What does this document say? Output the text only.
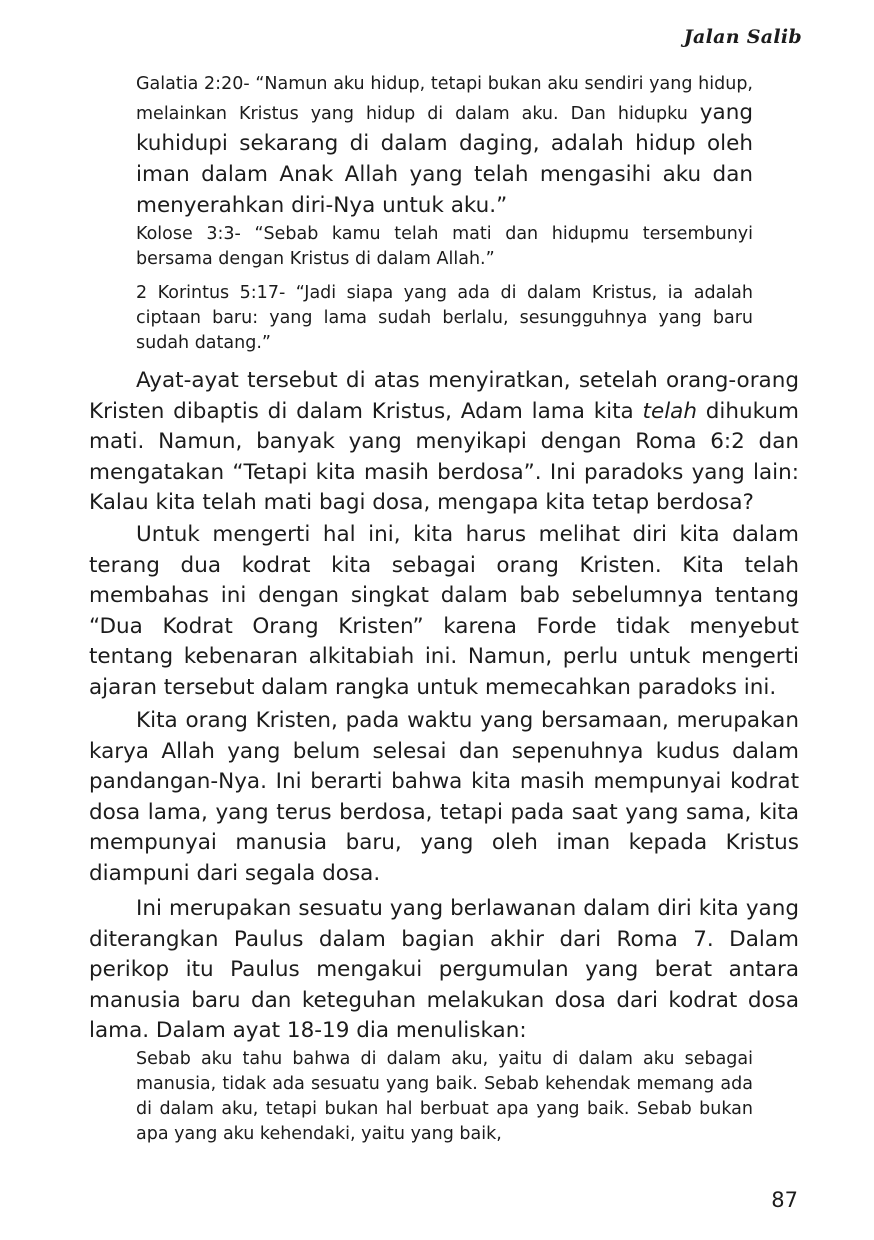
Jalan Salib
Galatia 2:20- “Namun aku hidup, tetapi bukan aku sendiri yang hidup, melainkan Kristus yang hidup di dalam aku. Dan hidupku yang kuhidupi sekarang di dalam daging, adalah hidup oleh iman dalam Anak Allah yang telah mengasihi aku dan menyerahkan diri-Nya untuk aku.”

Kolose 3:3- “Sebab kamu telah mati dan hidupmu tersembunyi bersama dengan Kristus di dalam Allah.”

2 Korintus 5:17- “Jadi siapa yang ada di dalam Kristus, ia adalah ciptaan baru: yang lama sudah berlalu, sesungguhnya yang baru sudah datang.”

Ayat-ayat tersebut di atas menyiratkan, setelah orang-orang Kristen dibaptis di dalam Kristus, Adam lama kita telah dihukum mati. Namun, banyak yang menyikapi dengan Roma 6:2 dan mengatakan “Tetapi kita masih berdosa”. Ini paradoks yang lain: Kalau kita telah mati bagi dosa, mengapa kita tetap berdosa?

Untuk mengerti hal ini, kita harus melihat diri kita dalam terang dua kodrat kita sebagai orang Kristen. Kita telah membahas ini dengan singkat dalam bab sebelumnya tentang “Dua Kodrat Orang Kristen” karena Forde tidak menyebut tentang kebenaran alkitabiah ini. Namun, perlu untuk mengerti ajaran tersebut dalam rangka untuk memecahkan paradoks ini.

Kita orang Kristen, pada waktu yang bersamaan, merupakan karya Allah yang belum selesai dan sepenuhnya kudus dalam pandangan-Nya. Ini berarti bahwa kita masih mempunyai kodrat dosa lama, yang terus berdosa, tetapi pada saat yang sama, kita mempunyai manusia baru, yang oleh iman kepada Kristus diampuni dari segala dosa.

Ini merupakan sesuatu yang berlawanan dalam diri kita yang diterangkan Paulus dalam bagian akhir dari Roma 7. Dalam perikop itu Paulus mengakui pergumulan yang berat antara manusia baru dan keteguhan melakukan dosa dari kodrat dosa lama. Dalam ayat 18-19 dia menuliskan:

Sebab aku tahu bahwa di dalam aku, yaitu di dalam aku sebagai manusia, tidak ada sesuatu yang baik. Sebab kehendak memang ada di dalam aku, tetapi bukan hal berbuat apa yang baik. Sebab bukan apa yang aku kehendaki, yaitu yang baik,

87
